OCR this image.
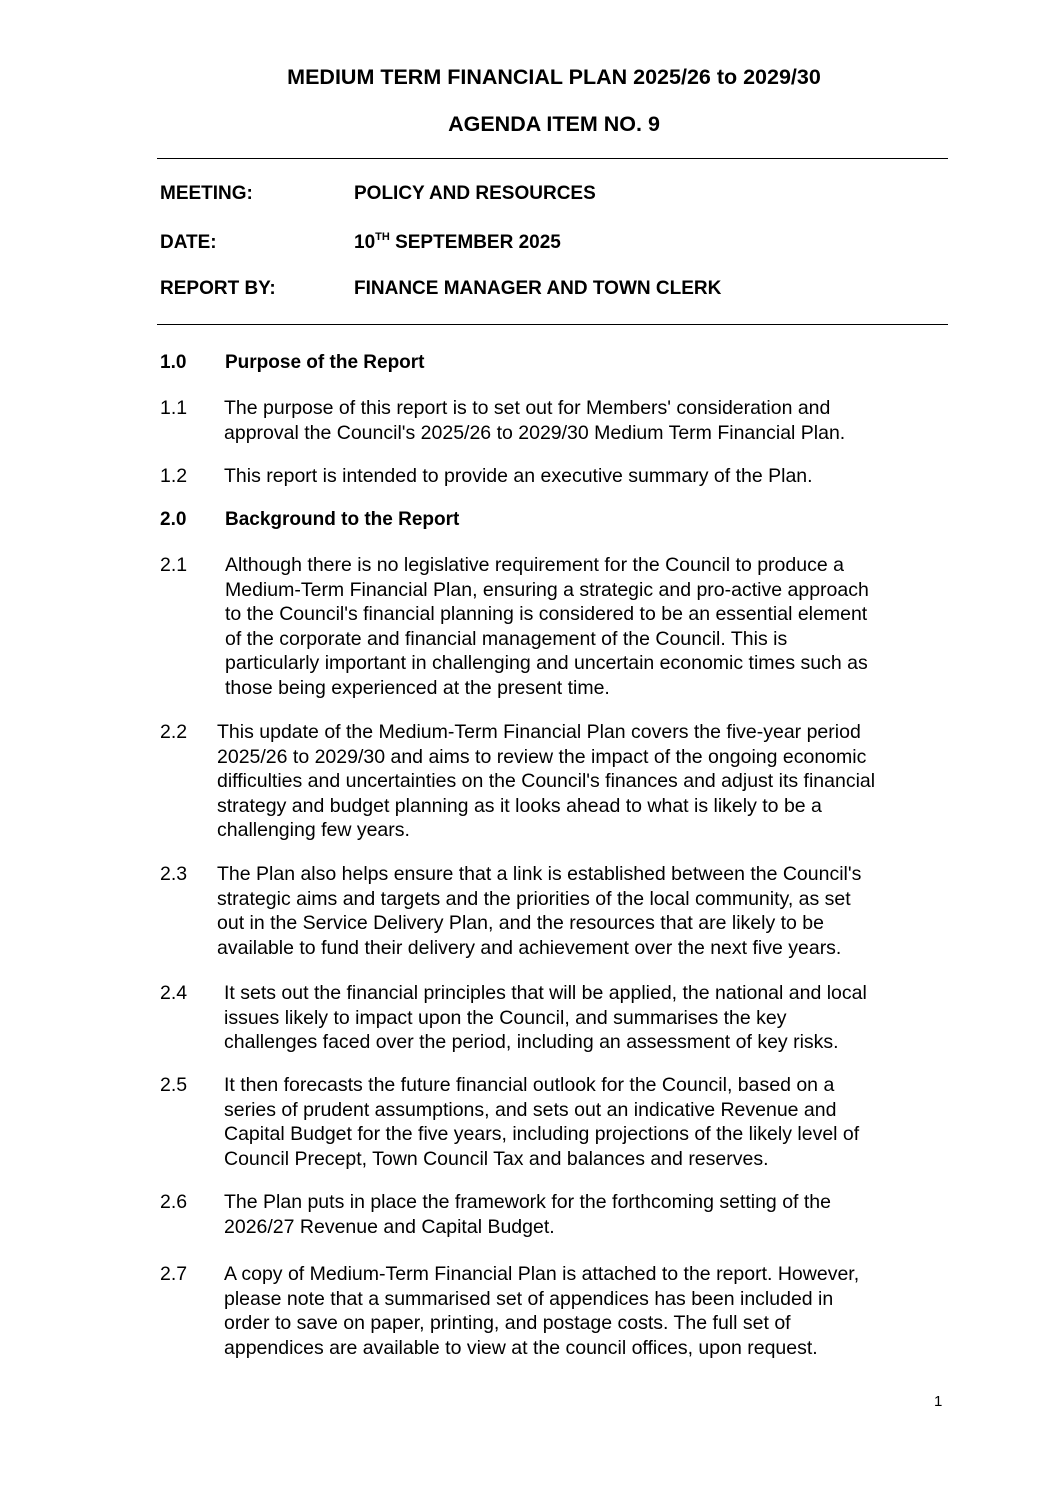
MEDIUM TERM FINANCIAL PLAN 2025/26 to 2029/30
AGENDA ITEM NO. 9
MEETING:	POLICY AND RESOURCES
DATE:	10TH SEPTEMBER 2025
REPORT BY:	FINANCE MANAGER AND TOWN CLERK
1.0 Purpose of the Report
1.1 The purpose of this report is to set out for Members' consideration and
approval the Council's 2025/26 to 2029/30 Medium Term Financial Plan.
1.2 This report is intended to provide an executive summary of the Plan.
2.0 Background to the Report
2.1 Although there is no legislative requirement for the Council to produce a
Medium-Term Financial Plan, ensuring a strategic and pro-active approach
to the Council's financial planning is considered to be an essential element
of the corporate and financial management of the Council. This is
particularly important in challenging and uncertain economic times such as
those being experienced at the present time.
2.2 This update of the Medium-Term Financial Plan covers the five-year period
2025/26 to 2029/30 and aims to review the impact of the ongoing economic
difficulties and uncertainties on the Council's finances and adjust its financial
strategy and budget planning as it looks ahead to what is likely to be a
challenging few years.
2.3 The Plan also helps ensure that a link is established between the Council's
strategic aims and targets and the priorities of the local community, as set
out in the Service Delivery Plan, and the resources that are likely to be
available to fund their delivery and achievement over the next five years.
2.4 It sets out the financial principles that will be applied, the national and local
issues likely to impact upon the Council, and summarises the key
challenges faced over the period, including an assessment of key risks.
2.5 It then forecasts the future financial outlook for the Council, based on a
series of prudent assumptions, and sets out an indicative Revenue and
Capital Budget for the five years, including projections of the likely level of
Council Precept, Town Council Tax and balances and reserves.
2.6 The Plan puts in place the framework for the forthcoming setting of the
2026/27 Revenue and Capital Budget.
2.7 A copy of Medium-Term Financial Plan is attached to the report. However,
please note that a summarised set of appendices has been included in
order to save on paper, printing, and postage costs. The full set of
appendices are available to view at the council offices, upon request.
1
